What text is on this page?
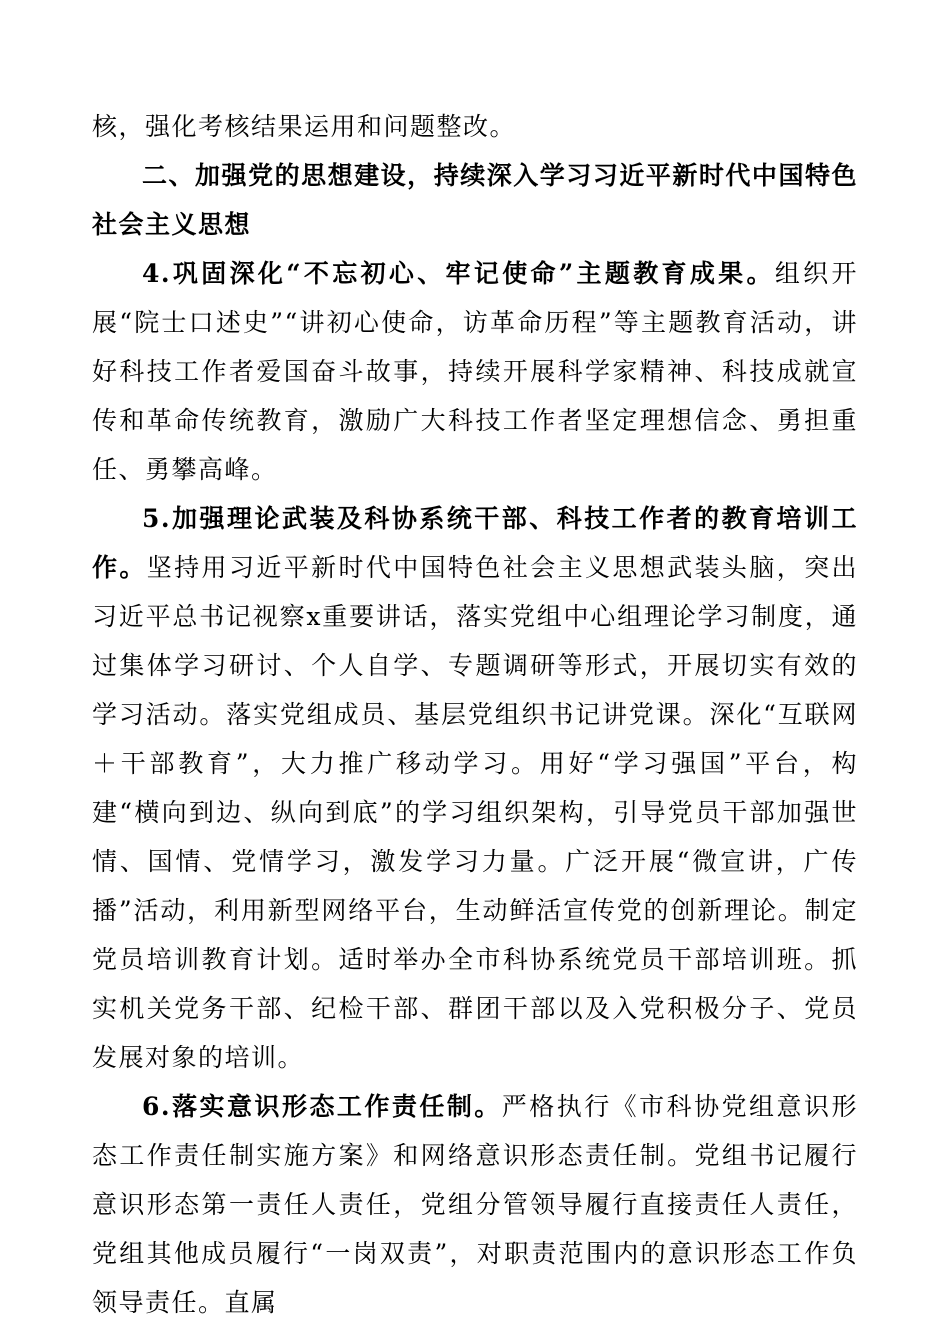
核，强化考核结果运用和问题整改。

二、加强党的思想建设，持续深入学习习近平新时代中国特色社会主义思想

4.巩固深化“不忘初心、牢记使命”主题教育成果。组织开展“院士口述史”“讲初心使命，访革命历程”等主题教育活动，讲好科技工作者爱国奋斗故事，持续开展科学家精神、科技成就宣传和革命传统教育，激励广大科技工作者坚定理想信念、勇担重任、勇攀高峰。

5.加强理论武装及科协系统干部、科技工作者的教育培训工作。坚持用习近平新时代中国特色社会主义思想武装头脑，突出习近平总书记视察x重要讲话，落实党组中心组理论学习制度，通过集体学习研讨、个人自学、专题调研等形式，开展切实有效的学习活动。落实党组成员、基层党组织书记讲党课。深化“互联网＋干部教育”，大力推广移动学习。用好“学习强国”平台，构建“横向到边、纵向到底”的学习组织架构，引导党员干部加强世情、国情、党情学习，激发学习力量。广泛开展“微宣讲，广传播”活动，利用新型网络平台，生动鲜活宣传党的创新理论。制定党员培训教育计划。适时举办全市科协系统党员干部培训班。抓实机关党务干部、纪检干部、群团干部以及入党积极分子、党员发展对象的培训。

6.落实意识形态工作责任制。严格执行《市科协党组意识形态工作责任制实施方案》和网络意识形态责任制。党组书记履行意识形态第一责任人责任，党组分管领导履行直接责任人责任，党组其他成员履行“一岗双责”，对职责范围内的意识形态工作负领导责任。直属
